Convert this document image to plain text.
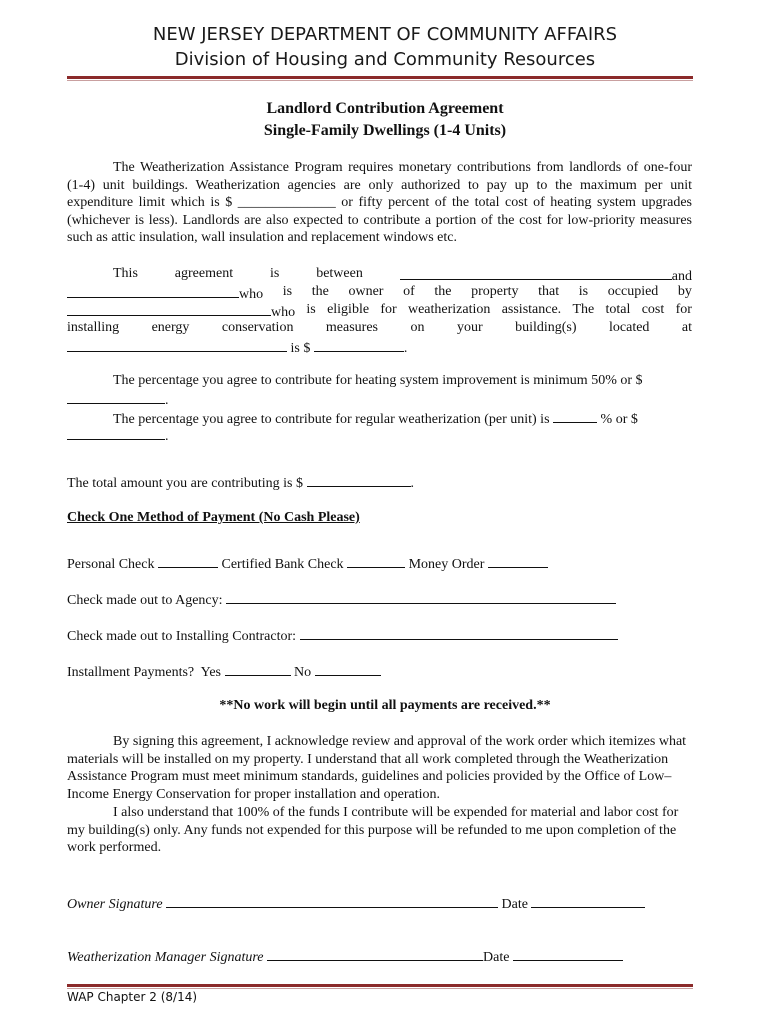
NEW JERSEY DEPARTMENT OF COMMUNITY AFFAIRS
Division of Housing and Community Resources
Landlord Contribution Agreement
Single-Family Dwellings (1-4 Units)
The Weatherization Assistance Program requires monetary contributions from landlords of one-four (1-4) unit buildings. Weatherization agencies are only authorized to pay up to the maximum per unit expenditure limit which is $ ______________ or fifty percent of the total cost of heating system upgrades (whichever is less). Landlords are also expected to contribute a portion of the cost for low-priority measures such as attic insulation, wall insulation and replacement windows etc.
This	agreement	is	between	and
who is the owner of the property that is occupied by
who is eligible for weatherization assistance. The total cost for
installing energy conservation measures on your building(s) located at
is $	.
The percentage you agree to contribute for heating system improvement is minimum 50% or $
.
The percentage you agree to contribute for regular weatherization (per unit) is	% or $
.
The total amount you are contributing is $	.
Check One Method of Payment (No Cash Please)
Personal Check	Certified Bank Check	Money Order
Check made out to Agency:
Check made out to Installing Contractor:
Installment Payments?  Yes	No
**No work will begin until all payments are received.**
By signing this agreement, I acknowledge review and approval of the work order which itemizes what materials will be installed on my property. I understand that all work completed through the Weatherization Assistance Program must meet minimum standards, guidelines and policies provided by the Office of Low–Income Energy Conservation for proper installation and operation.
I also understand that 100% of the funds I contribute will be expended for material and labor cost for my building(s) only. Any funds not expended for this purpose will be refunded to me upon completion of the work performed.
Owner Signature	Date
Weatherization Manager Signature	Date
WAP Chapter 2 (8/14)
